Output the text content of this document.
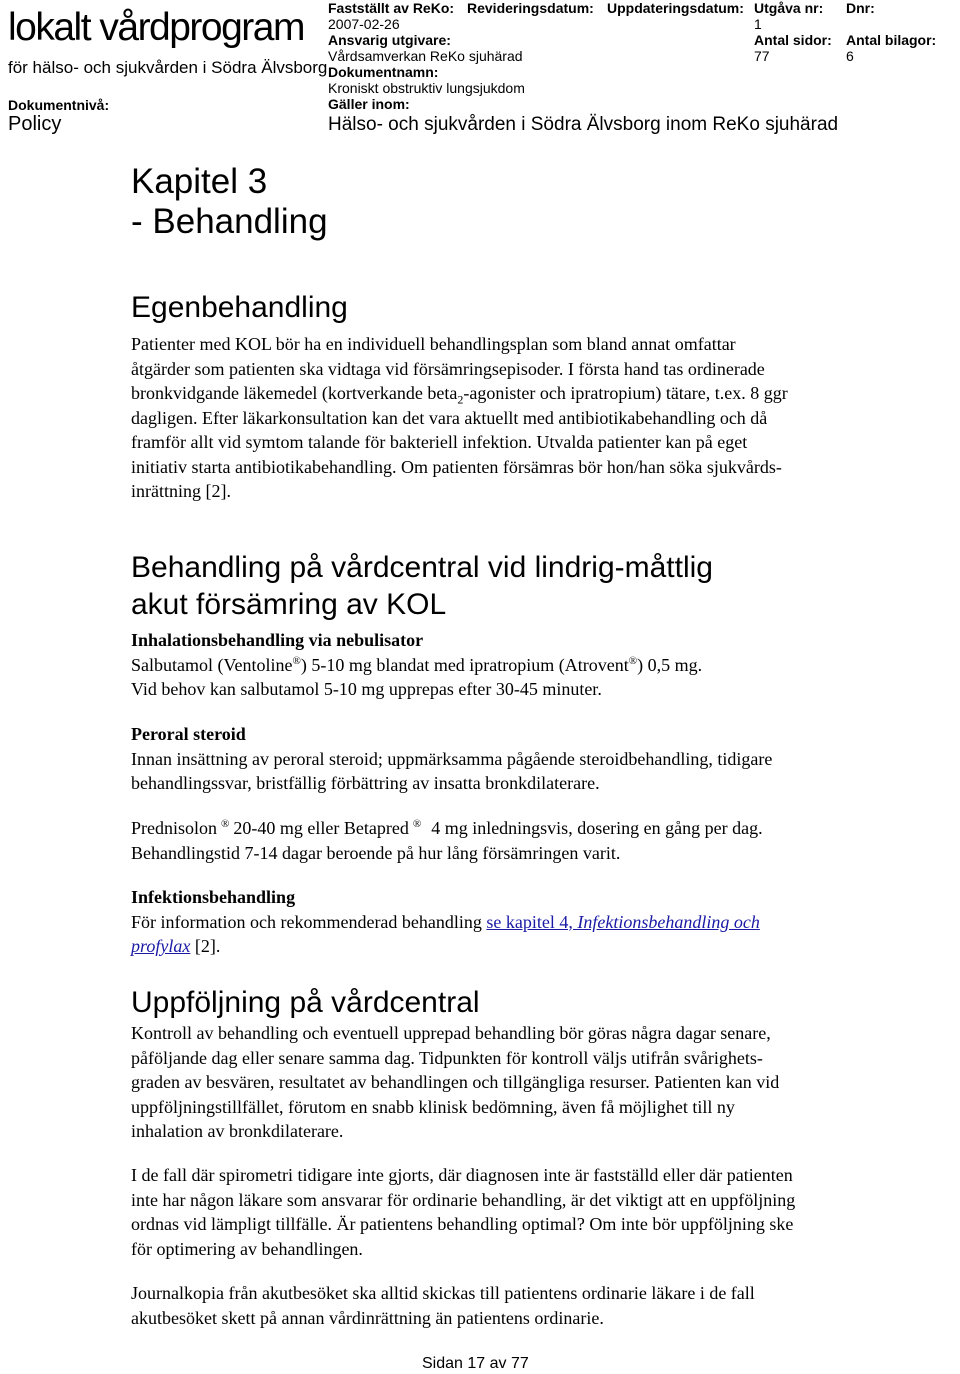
lokalt vårdprogram
för hälso- och sjukvården i Södra Älvsborg
Dokumentnivå:
Policy
Fastställt av ReKo:
2007-02-26
Revideringsdatum: Uppdateringsdatum: Utgåva nr:
1
Dnr:
Ansvarig utgivare:
Vårdsamverkan ReKo sjuhärad
Antal sidor:
77
Antal bilagor:
6
Dokumentnamn:
Kroniskt obstruktiv lungsjukdom
Gäller inom:
Hälso- och sjukvården i Södra Älvsborg inom ReKo sjuhärad
Kapitel 3
- Behandling
Egenbehandling
Patienter med KOL bör ha en individuell behandlingsplan som bland annat omfattar
åtgärder som patienten ska vidtaga vid försämringsepisoder. I första hand tas ordinerade
bronkvidgande läkemedel (kortverkande beta$_2$-agonister och ipratropium) tätare, t.ex. 8 ggr
dagligen. Efter läkarkonsultation kan det vara aktuellt med antibiotikabehandling och då
framför allt vid symtom talande för bakteriell infektion. Utvalda patienter kan på eget
initiativ starta antibiotikabehandling. Om patienten försämras bör hon/han söka sjukvårds-
inrättning [2].
Behandling på vårdcentral vid lindrig-måttlig
akut försämring av KOL
Inhalationsbehandling via nebulisator
Salbutamol (Ventoline®) 5-10 mg blandat med ipratropium (Atrovent®) 0,5 mg.
Vid behov kan salbutamol 5-10 mg upprepas efter 30-45 minuter.
Peroral steroid
Innan insättning av peroral steroid; uppmärksamma pågående steroidbehandling, tidigare
behandlingssvar, bristfällig förbättring av insatta bronkdilaterare.
Prednisolon ® 20-40 mg eller Betapred ® 4 mg inledningsvis, dosering en gång per dag.
Behandlingstid 7-14 dagar beroende på hur lång försämringen varit.
Infektionsbehandling
För information och rekommenderad behandling se kapitel 4, Infektionsbehandling och
profylax [2].
Uppföljning på vårdcentral
Kontroll av behandling och eventuell upprepad behandling bör göras några dagar senare,
påföljande dag eller senare samma dag. Tidpunkten för kontroll väljs utifrån svårighets-
graden av besvären, resultatet av behandlingen och tillgängliga resurser. Patienten kan vid
uppföljningstillfället, förutom en snabb klinisk bedömning, även få möjlighet till ny
inhalation av bronkdilaterare.
I de fall där spirometri tidigare inte gjorts, där diagnosen inte är fastställd eller där patienten
inte har någon läkare som ansvarar för ordinarie behandling, är det viktigt att en uppföljning
ordnas vid lämpligt tillfälle. Är patientens behandling optimal? Om inte bör uppföljning ske
för optimering av behandlingen.
Journalkopia från akutbesöket ska alltid skickas till patientens ordinarie läkare i de fall
akutbesöket skett på annan vårdinrättning än patientens ordinarie.
Sidan 17 av 77
